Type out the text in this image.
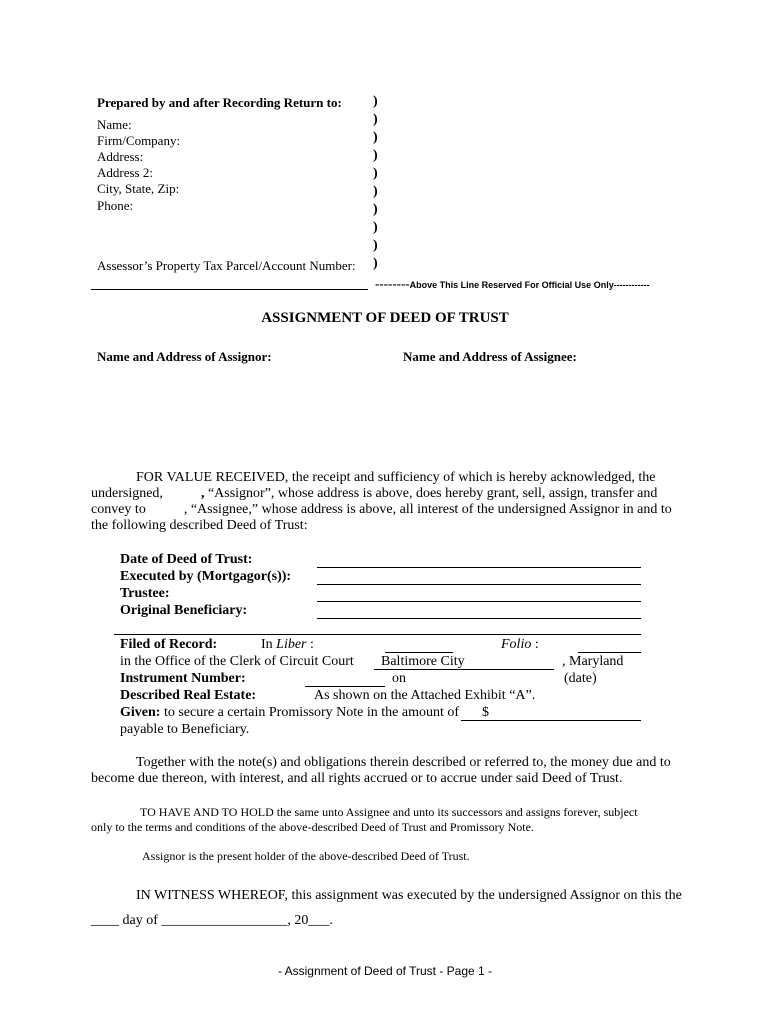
Prepared by and after Recording Return to:
Name:
Firm/Company:
Address:
Address 2:
City, State, Zip:
Phone:
Assessor’s Property Tax Parcel/Account Number:
)
)
)
)
)
)
)
)
)
)
--------Above This Line Reserved For Official Use Only------------
ASSIGNMENT OF DEED OF TRUST
Name and Address of Assignor:	Name and Address of Assignee:
FOR VALUE RECEIVED, the receipt and sufficiency of which is hereby acknowledged, the
undersigned,	, “Assignor”, whose address is above, does hereby grant, sell, assign, transfer and
convey to	, “Assignee,” whose address is above, all interest of the undersigned Assignor in and to
the following described Deed of Trust:
Date of Deed of Trust:
Executed by (Mortgagor(s)):
Trustee:
Original Beneficiary:
Filed of Record:	In Liber :	Folio :
in the Office of the Clerk of Circuit Court Baltimore City	, Maryland
Instrument Number:	on	(date)
Described Real Estate:	As shown on the Attached Exhibit “A”.
Given: to secure a certain Promissory Note in the amount of $
payable to Beneficiary.
Together with the note(s) and obligations therein described or referred to, the money due and to
become due thereon, with interest, and all rights accrued or to accrue under said Deed of Trust.
TO HAVE AND TO HOLD the same unto Assignee and unto its successors and assigns forever, subject
only to the terms and conditions of the above-described Deed of Trust and Promissory Note.
Assignor is the present holder of the above-described Deed of Trust.
IN WITNESS WHEREOF, this assignment was executed by the undersigned Assignor on this the
____ day of __________________, 20___.
- Assignment of Deed of Trust - Page 1 -
